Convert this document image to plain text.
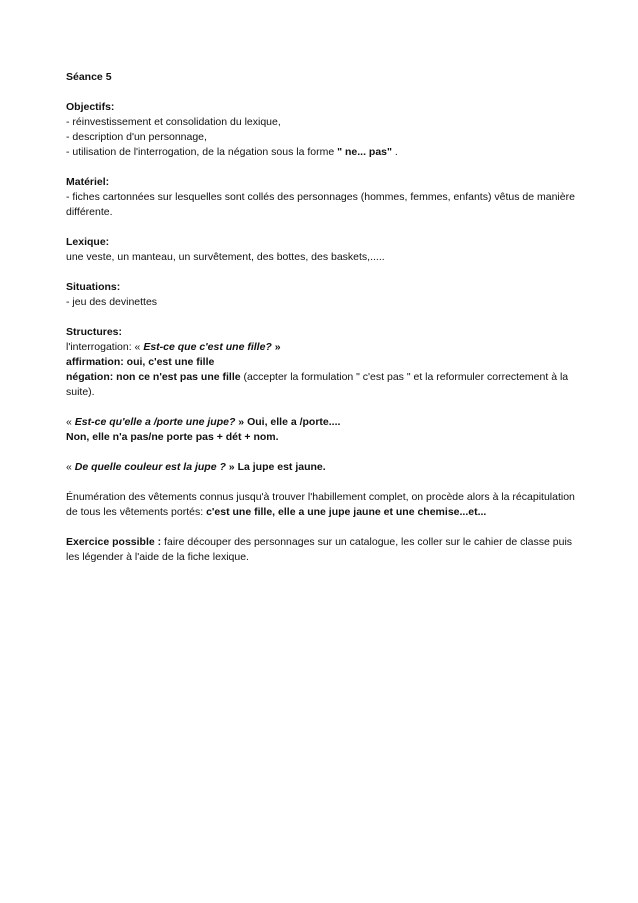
Séance 5
Objectifs:
- réinvestissement et consolidation du lexique,
- description d'un personnage,
- utilisation de l'interrogation, de la négation sous la forme " ne... pas" .
Matériel:
- fiches cartonnées sur lesquelles sont collés des personnages (hommes, femmes, enfants) vêtus de manière différente.
Lexique:
une veste, un manteau, un survêtement, des bottes, des baskets,.....
Situations:
- jeu des devinettes
Structures:
l'interrogation: « Est-ce que c'est une fille? »
affirmation: oui, c'est une fille
négation: non ce n'est pas une fille (accepter la formulation " c'est pas " et la reformuler correctement à la suite).
« Est-ce qu'elle a /porte une jupe? » Oui, elle a /porte....
Non, elle n'a pas/ne porte pas + dét + nom.
« De quelle couleur est la jupe ? » La jupe est jaune.
Énumération des vêtements connus jusqu'à trouver l'habillement complet, on procède alors à la récapitulation de tous les vêtements portés: c'est une fille, elle a une jupe jaune et une chemise...et...
Exercice possible : faire découper des personnages sur un catalogue, les coller sur le cahier de classe puis les légender à l'aide de la fiche lexique.
